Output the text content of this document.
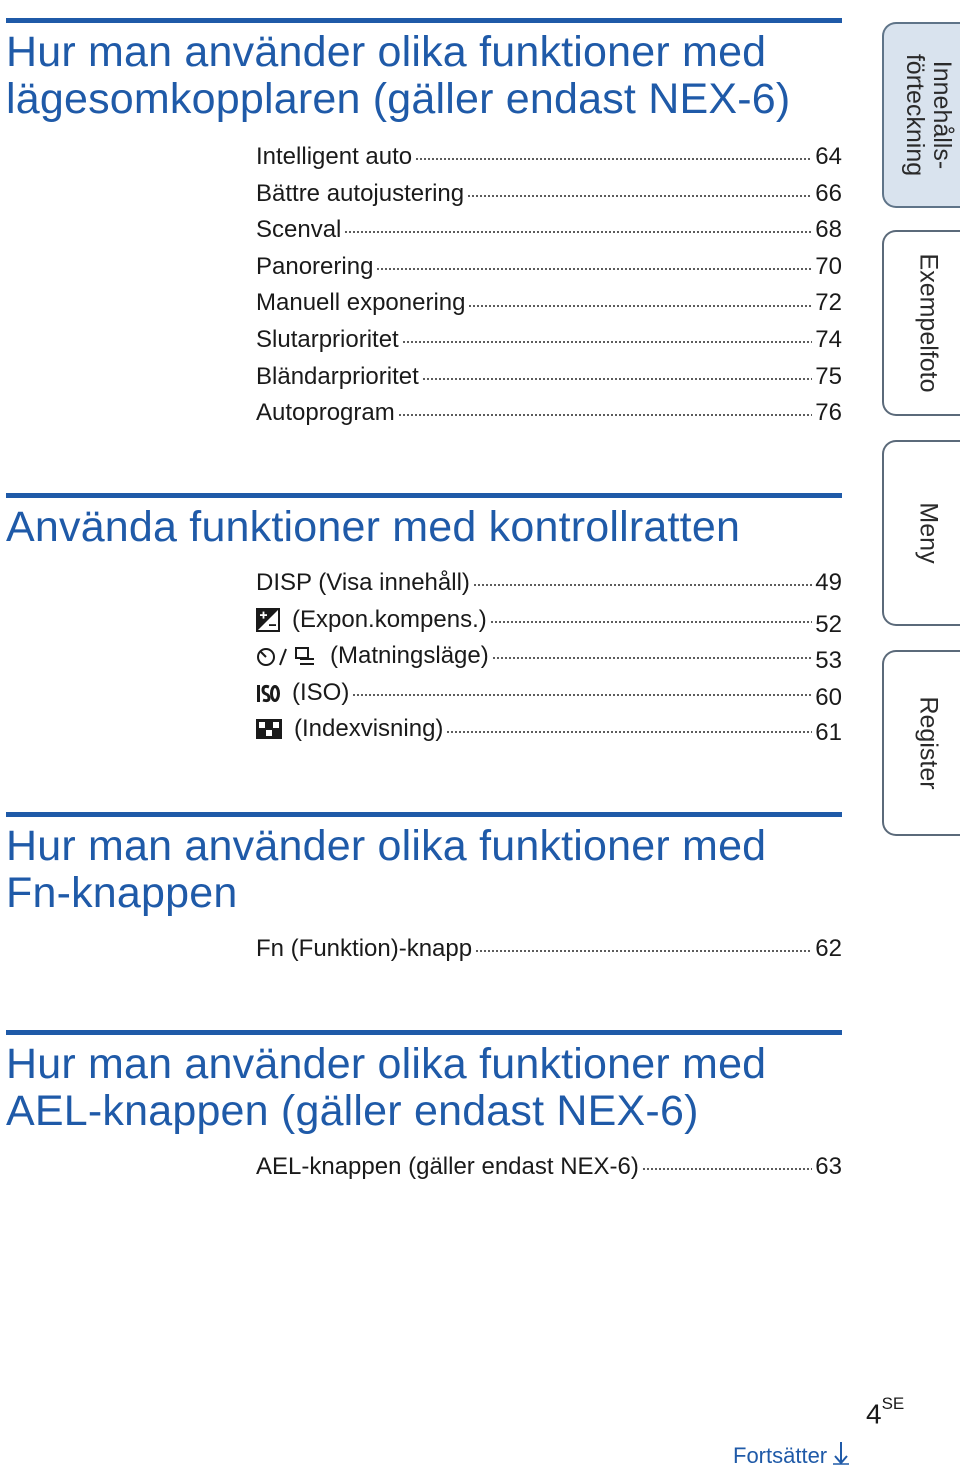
Hur man använder olika funktioner med
lägesomkopplaren (gäller endast NEX-6)
Intelligent auto	64
Bättre autojustering	66
Scenval	68
Panorering	70
Manuell exponering	72
Slutarprioritet	74
Bländarprioritet	75
Autoprogram	76
Använda funktioner med kontrollratten
DISP (Visa innehåll)	49
(Expon.kompens.)	52
(Matningsläge)	53
(ISO)	60
(Indexvisning)	61
Hur man använder olika funktioner med
Fn-knappen
Fn (Funktion)-knapp	62
Hur man använder olika funktioner med
AEL-knappen (gäller endast NEX-6)
AEL-knappen (gäller endast NEX-6)	63
Innehålls-
förteckning
Exempelfoto
Meny
Register
$4^{SE}$
Fortsätter
